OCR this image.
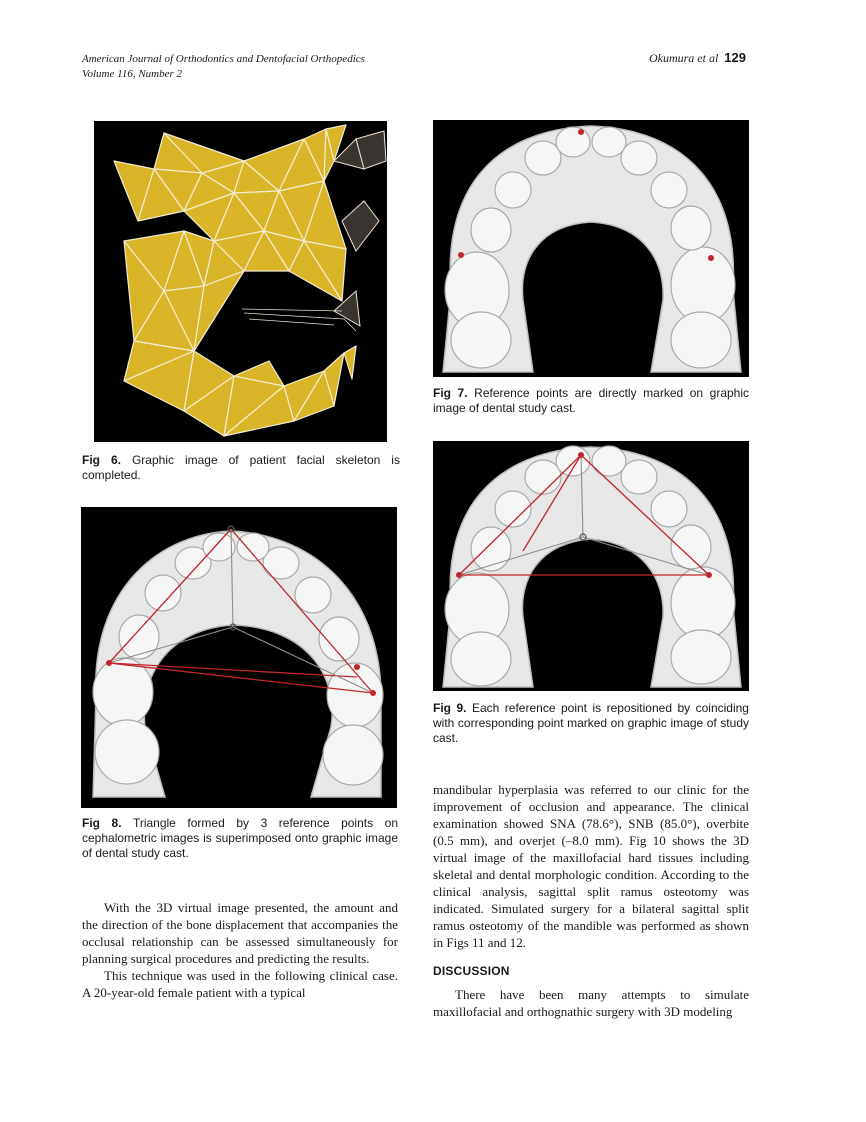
American Journal of Orthodontics and Dentofacial Orthopedics
Volume 116, Number 2
Okumura et al 129
Fig 6. Graphic image of patient facial skeleton is completed.
Fig 7. Reference points are directly marked on graphic image of dental study cast.
Fig 8. Triangle formed by 3 reference points on cephalometric images is superimposed onto graphic image of dental study cast.
Fig 9. Each reference point is repositioned by coinciding with corresponding point marked on graphic image of study cast.

With the 3D virtual image presented, the amount and the direction of the bone displacement that accompanies the occlusal relationship can be assessed simultaneously for planning surgical procedures and predicting the results.

This technique was used in the following clinical case. A 20-year-old female patient with a typical

mandibular hyperplasia was referred to our clinic for the improvement of occlusion and appearance. The clinical examination showed SNA (78.6°), SNB (85.0°), overbite (0.5 mm), and overjet (–8.0 mm). Fig 10 shows the 3D virtual image of the maxillofacial hard tissues including skeletal and dental morphologic condition. According to the clinical analysis, sagittal split ramus osteotomy was indicated. Simulated surgery for a bilateral sagittal split ramus osteotomy of the mandible was performed as shown in Figs 11 and 12.

DISCUSSION

There have been many attempts to simulate maxillofacial and orthognathic surgery with 3D modeling
